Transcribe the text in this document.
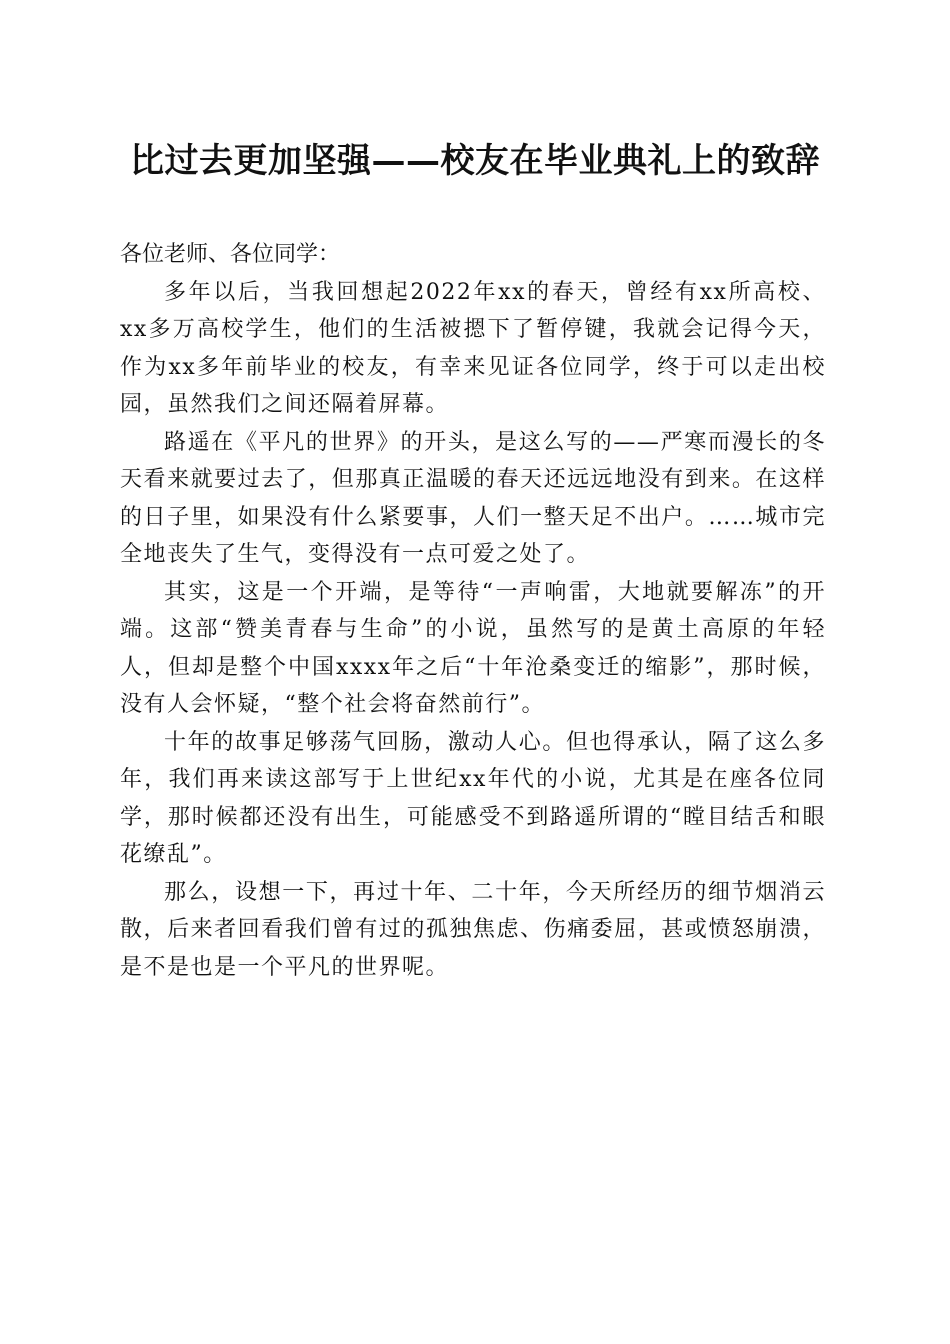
比过去更加坚强——校友在毕业典礼上的致辞

各位老师、各位同学：

多年以后，当我回想起2022年xx的春天，曾经有xx所高校、xx多万高校学生，他们的生活被摁下了暂停键，我就会记得今天，作为xx多年前毕业的校友，有幸来见证各位同学，终于可以走出校园，虽然我们之间还隔着屏幕。

路遥在《平凡的世界》的开头，是这么写的——严寒而漫长的冬天看来就要过去了，但那真正温暖的春天还远远地没有到来。在这样的日子里，如果没有什么紧要事，人们一整天足不出户。……城市完全地丧失了生气，变得没有一点可爱之处了。

其实，这是一个开端，是等待“一声响雷，大地就要解冻”的开端。这部“赞美青春与生命”的小说，虽然写的是黄土高原的年轻人，但却是整个中国xxxx年之后“十年沧桑变迁的缩影”，那时候，没有人会怀疑，“整个社会将奋然前行”。

十年的故事足够荡气回肠，激动人心。但也得承认，隔了这么多年，我们再来读这部写于上世纪xx年代的小说，尤其是在座各位同学，那时候都还没有出生，可能感受不到路遥所谓的“瞠目结舌和眼花缭乱”。

那么，设想一下，再过十年、二十年，今天所经历的细节烟消云散，后来者回看我们曾有过的孤独焦虑、伤痛委屈，甚或愤怒崩溃，是不是也是一个平凡的世界呢。
